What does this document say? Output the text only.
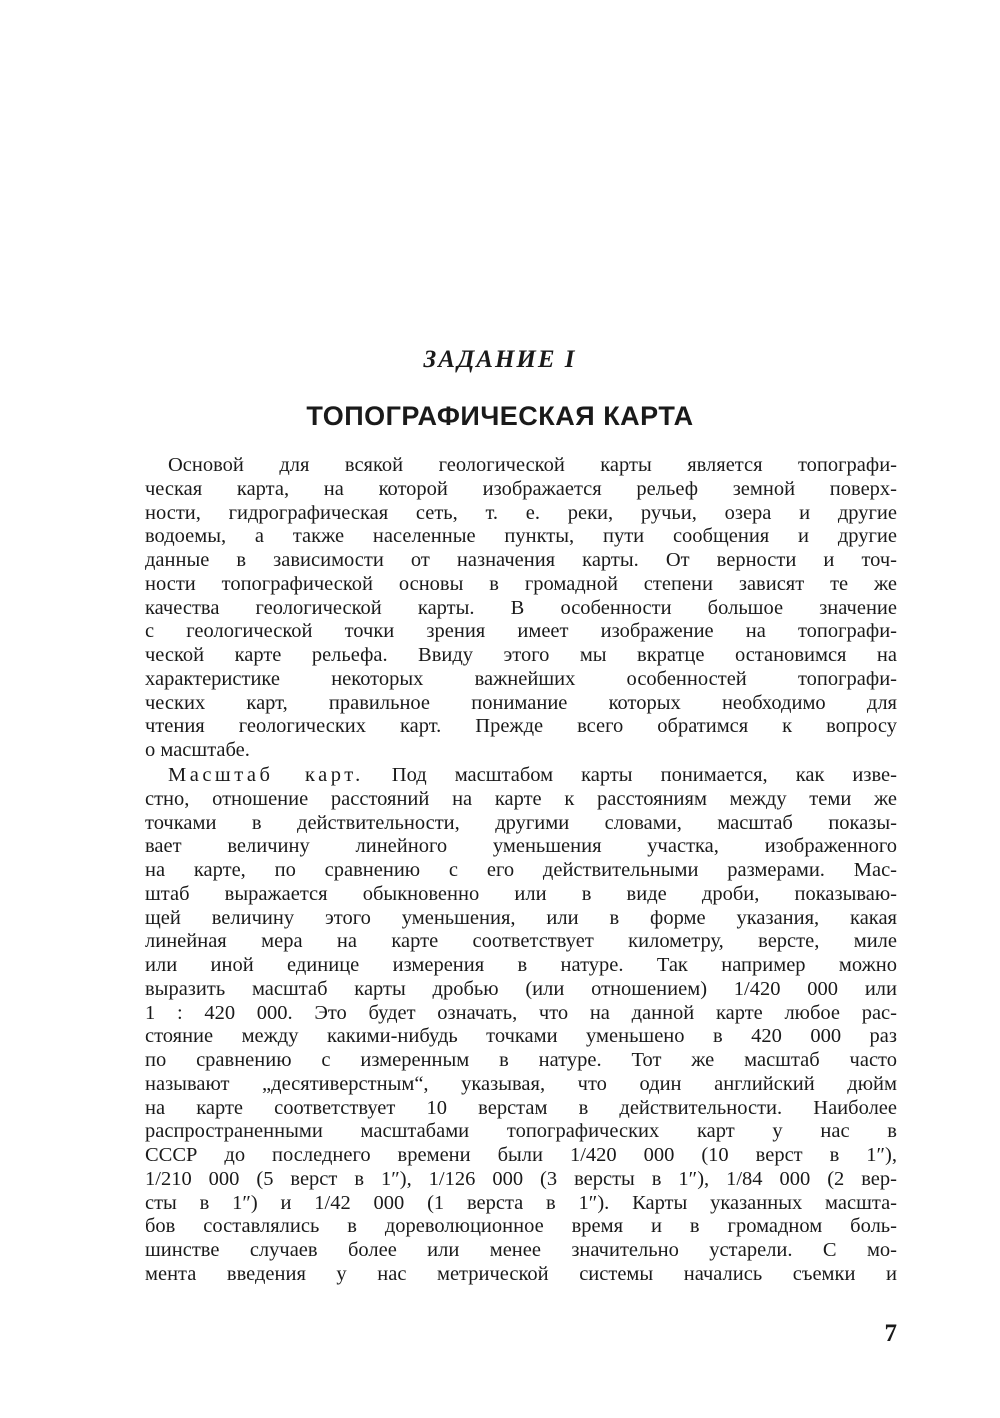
ЗАДАНИЕ I
ТОПОГРАФИЧЕСКАЯ КАРТА
Основой для всякой геологической карты является топографи-
ческая карта, на которой изображается рельеф земной поверх-
ности, гидрографическая сеть, т. е. реки, ручьи, озера и другие
водоемы, а также населенные пункты, пути сообщения и другие
данные в зависимости от назначения карты. От верности и точ-
ности топографической основы в громадной степени зависят те же
качества геологической карты. В особенности большое значение
с геологической точки зрения имеет изображение на топографи-
ческой карте рельефа. Ввиду этого мы вкратце остановимся на
характеристике некоторых важнейших особенностей топографи-
ческих карт, правильное понимание которых необходимо для
чтения геологических карт. Прежде всего обратимся к вопросу
о масштабе.
Масштаб карт. Под масштабом карты понимается, как изве-
стно, отношение расстояний на карте к расстояниям между теми же
точками в действительности, другими словами, масштаб показы-
вает величину линейного уменьшения участка, изображенного
на карте, по сравнению с его действительными размерами. Мас-
штаб выражается обыкновенно или в виде дроби, показываю-
щей величину этого уменьшения, или в форме указания, какая
линейная мера на карте соответствует километру, версте, миле
или иной единице измерения в натуре. Так например можно
выразить масштаб карты дробью (или отношением) 1/420 000 или
1 : 420 000. Это будет означать, что на данной карте любое рас-
стояние между какими-нибудь точками уменьшено в 420 000 раз
по сравнению с измеренным в натуре. Тот же масштаб часто
называют „десятиверстным“, указывая, что один английский дюйм
на карте соответствует 10 верстам в действительности. Наиболее
распространенными масштабами топографических карт у нас в
СССР до последнего времени были 1/420 000 (10 верст в 1″),
1/210 000 (5 верст в 1″), 1/126 000 (3 версты в 1″), 1/84 000 (2 вер-
сты в 1″) и 1/42 000 (1 верста в 1″). Карты указанных масшта-
бов составлялись в дореволюционное время и в громадном боль-
шинстве случаев более или менее значительно устарели. С мо-
мента введения у нас метрической системы начались съемки и
7
